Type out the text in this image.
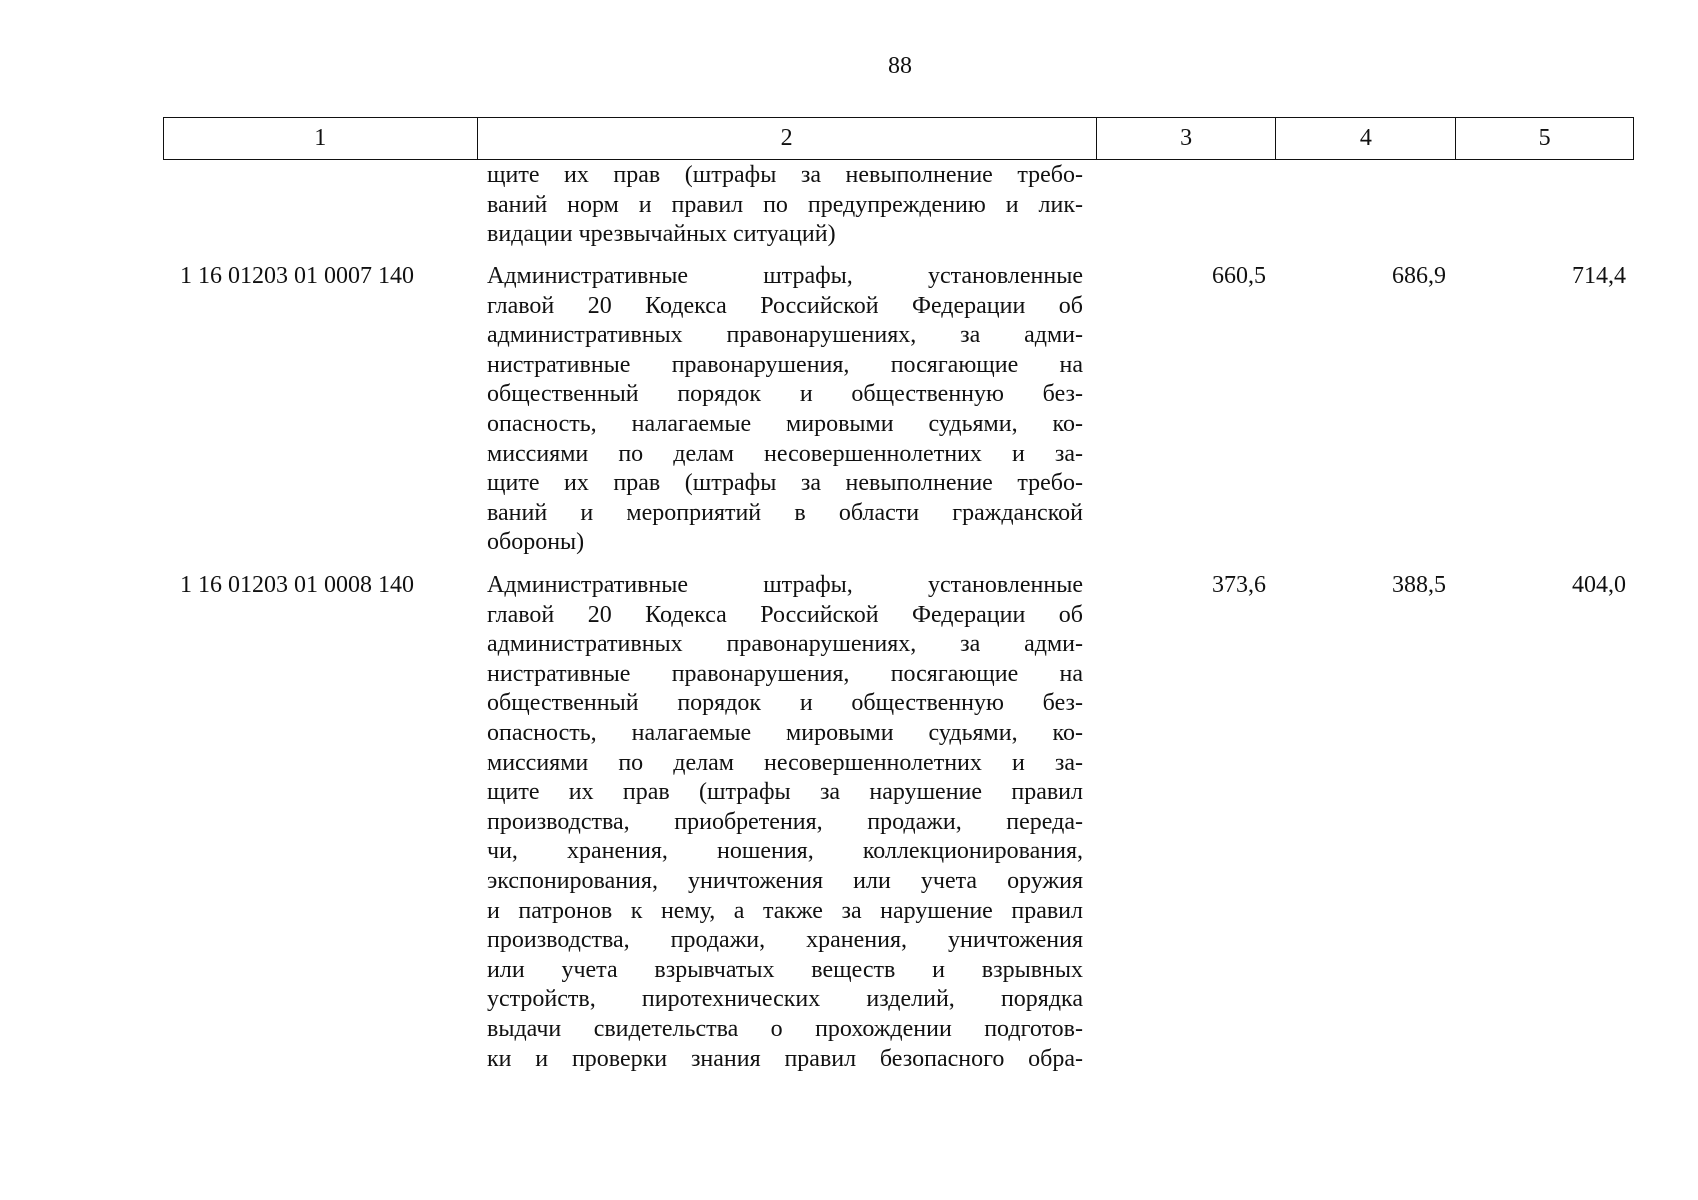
88
1	2	3	4	5
щите их прав (штрафы за невыполнение требо-
ваний норм и правил по предупреждению и лик-
видации чрезвычайных ситуаций)
1 16 01203 01 0007 140	Административные штрафы, установленные
главой 20 Кодекса Российской Федерации об
административных правонарушениях, за адми-
нистративные правонарушения, посягающие на
общественный порядок и общественную без-
опасность, налагаемые мировыми судьями, ко-
миссиями по делам несовершеннолетних и за-
щите их прав (штрафы за невыполнение требо-
ваний и мероприятий в области гражданской
обороны)
660,5	686,9	714,4
1 16 01203 01 0008 140	Административные штрафы, установленные
главой 20 Кодекса Российской Федерации об
административных правонарушениях, за адми-
нистративные правонарушения, посягающие на
общественный порядок и общественную без-
опасность, налагаемые мировыми судьями, ко-
миссиями по делам несовершеннолетних и за-
щите их прав (штрафы за нарушение правил
производства, приобретения, продажи, переда-
чи, хранения, ношения, коллекционирования,
экспонирования, уничтожения или учета оружия
и патронов к нему, а также за нарушение правил
производства, продажи, хранения, уничтожения
или учета взрывчатых веществ и взрывных
устройств, пиротехнических изделий, порядка
выдачи свидетельства о прохождении подготов-
ки и проверки знания правил безопасного обра-
373,6	388,5	404,0
